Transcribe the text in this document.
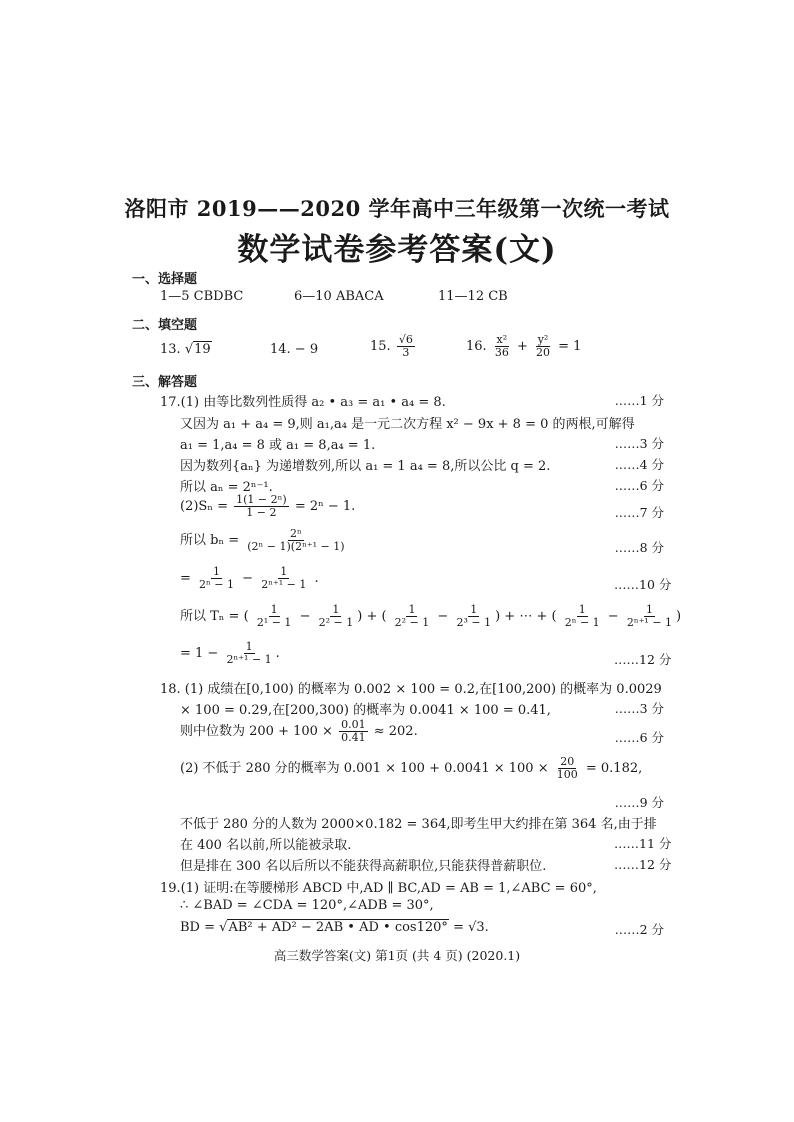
洛阳市 2019——2020 学年高中三年级第一次统一考试
数学试卷参考答案(文)
一、选择题
1—5 CBDBC	6—10 ABACA	11—12 CB
二、填空题
13. √19	14. − 9	15. $\frac{√6}{3}$	16. $\frac{\text{x²}}{36} + \frac{\text{y²}}{20} = 1$
三、解答题
17.(1) 由等比数列性质得 a₂ • a₃ = a₁ • a₄ = 8.	……1 分
又因为 a₁ + a₄ = 9,则 a₁,a₄ 是一元二次方程 x² − 9x + 8 = 0 的两根,可解得
a₁ = 1,a₄ = 8 或 a₁ = 8,a₄ = 1.	……3 分
因为数列{aₙ} 为递增数列,所以 a₁ = 1 a₄ = 8,所以公比 q = 2.	……4 分
所以 aₙ = 2ⁿ⁻¹.	……6 分
$(2)S_n = \frac{\text{1(1 − 2ⁿ)}}{1 - 2} = 2^n - 1$.	……7 分
所以 $b_n = \frac{\text{2ⁿ}}{\text{(2ⁿ − 1)(2ⁿ⁺¹ − 1)}}$	……8 分
= $\frac{1}{\text{2ⁿ − 1}} - \frac{1}{\text{2ⁿ⁺¹ − 1}}$ .	……10 分
所以 Tₙ = ( $\frac{1}{\text{2¹ − 1}} - \frac{1}{\text{2² − 1}}$ ) + ( $\frac{1}{\text{2² − 1}} - \frac{1}{\text{2³ − 1}}$ ) + ⋯ + ( $\frac{1}{\text{2ⁿ − 1}} - \frac{1}{\text{2ⁿ⁺¹ − 1}}$ )
= $1 - \frac{1}{\text{2ⁿ⁺¹ − 1}}$ .	……12 分
18. (1) 成绩在[0,100) 的概率为 0.002 × 100 = 0.2,在[100,200) 的概率为 0.0029
× 100 = 0.29,在[200,300) 的概率为 0.0041 × 100 = 0.41,	……3 分
则中位数为 $200 + 100 \times \frac{0.01}{0.41} \approx 202$.	……6 分
(2) 不低于 280 分的概率为 $0.001 \times 100 + 0.0041 \times 100 \times \frac{20}{100} = 0.182$,
……9 分
不低于 280 分的人数为 2000×0.182 = 364,即考生甲大约排在第 364 名,由于排
在 400 名以前,所以能被录取.	……11 分
但是排在 300 名以后所以不能获得高薪职位,只能获得普薪职位.	……12 分
19.(1) 证明:在等腰梯形 ABCD 中,AD ∥ BC,AD = AB = 1,∠ABC = 60°,
∴ ∠BAD = ∠CDA = 120°,∠ADB = 30°,
BD = √AB² + AD² − 2AB • AD • cos120° = √3.	……2 分
高三数学答案(文) 第1页 (共 4 页) (2020.1)
